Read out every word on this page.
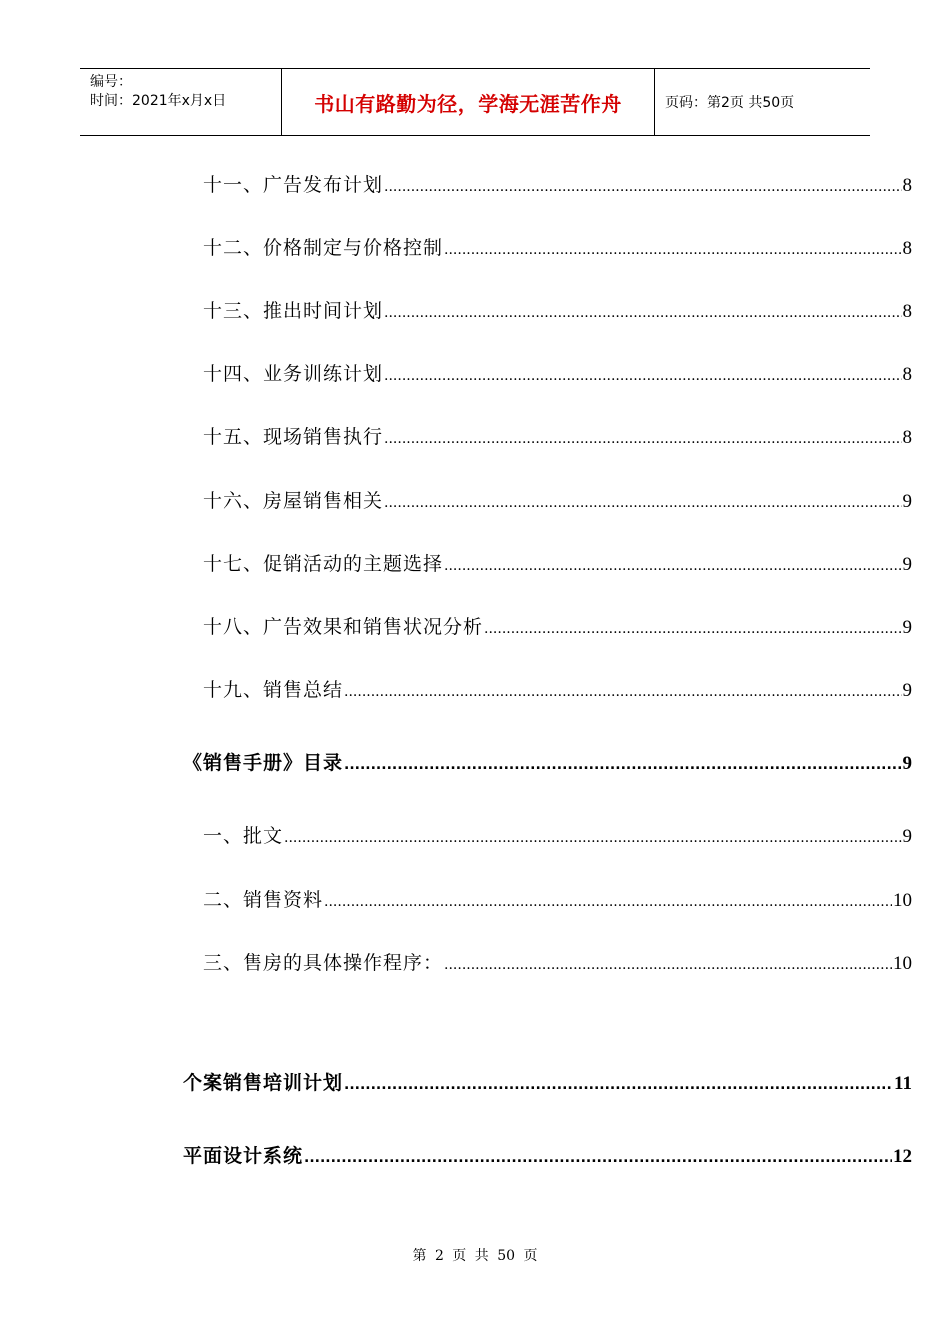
编号：
时间：2021年x月x日	书山有路勤为径，学海无涯苦作舟	页码：第2页 共50页
十一、广告发布计划 .....	8
十二、价格制定与价格控制 .....	8
十三、推出时间计划 .....	8
十四、业务训练计划 .....	8
十五、现场销售执行 .....	8
十六、房屋销售相关 .....	9
十七、促销活动的主题选择 .....	9
十八、广告效果和销售状况分析 .....	9
十九、销售总结 .....	9
《销售手册》目录 .....	9
一、批文 .....	9
二、销售资料 .....	10
三、售房的具体操作程序： .....	10
个案销售培训计划 .....	11
平面设计系统 .....	12
第 2 页 共 50 页
